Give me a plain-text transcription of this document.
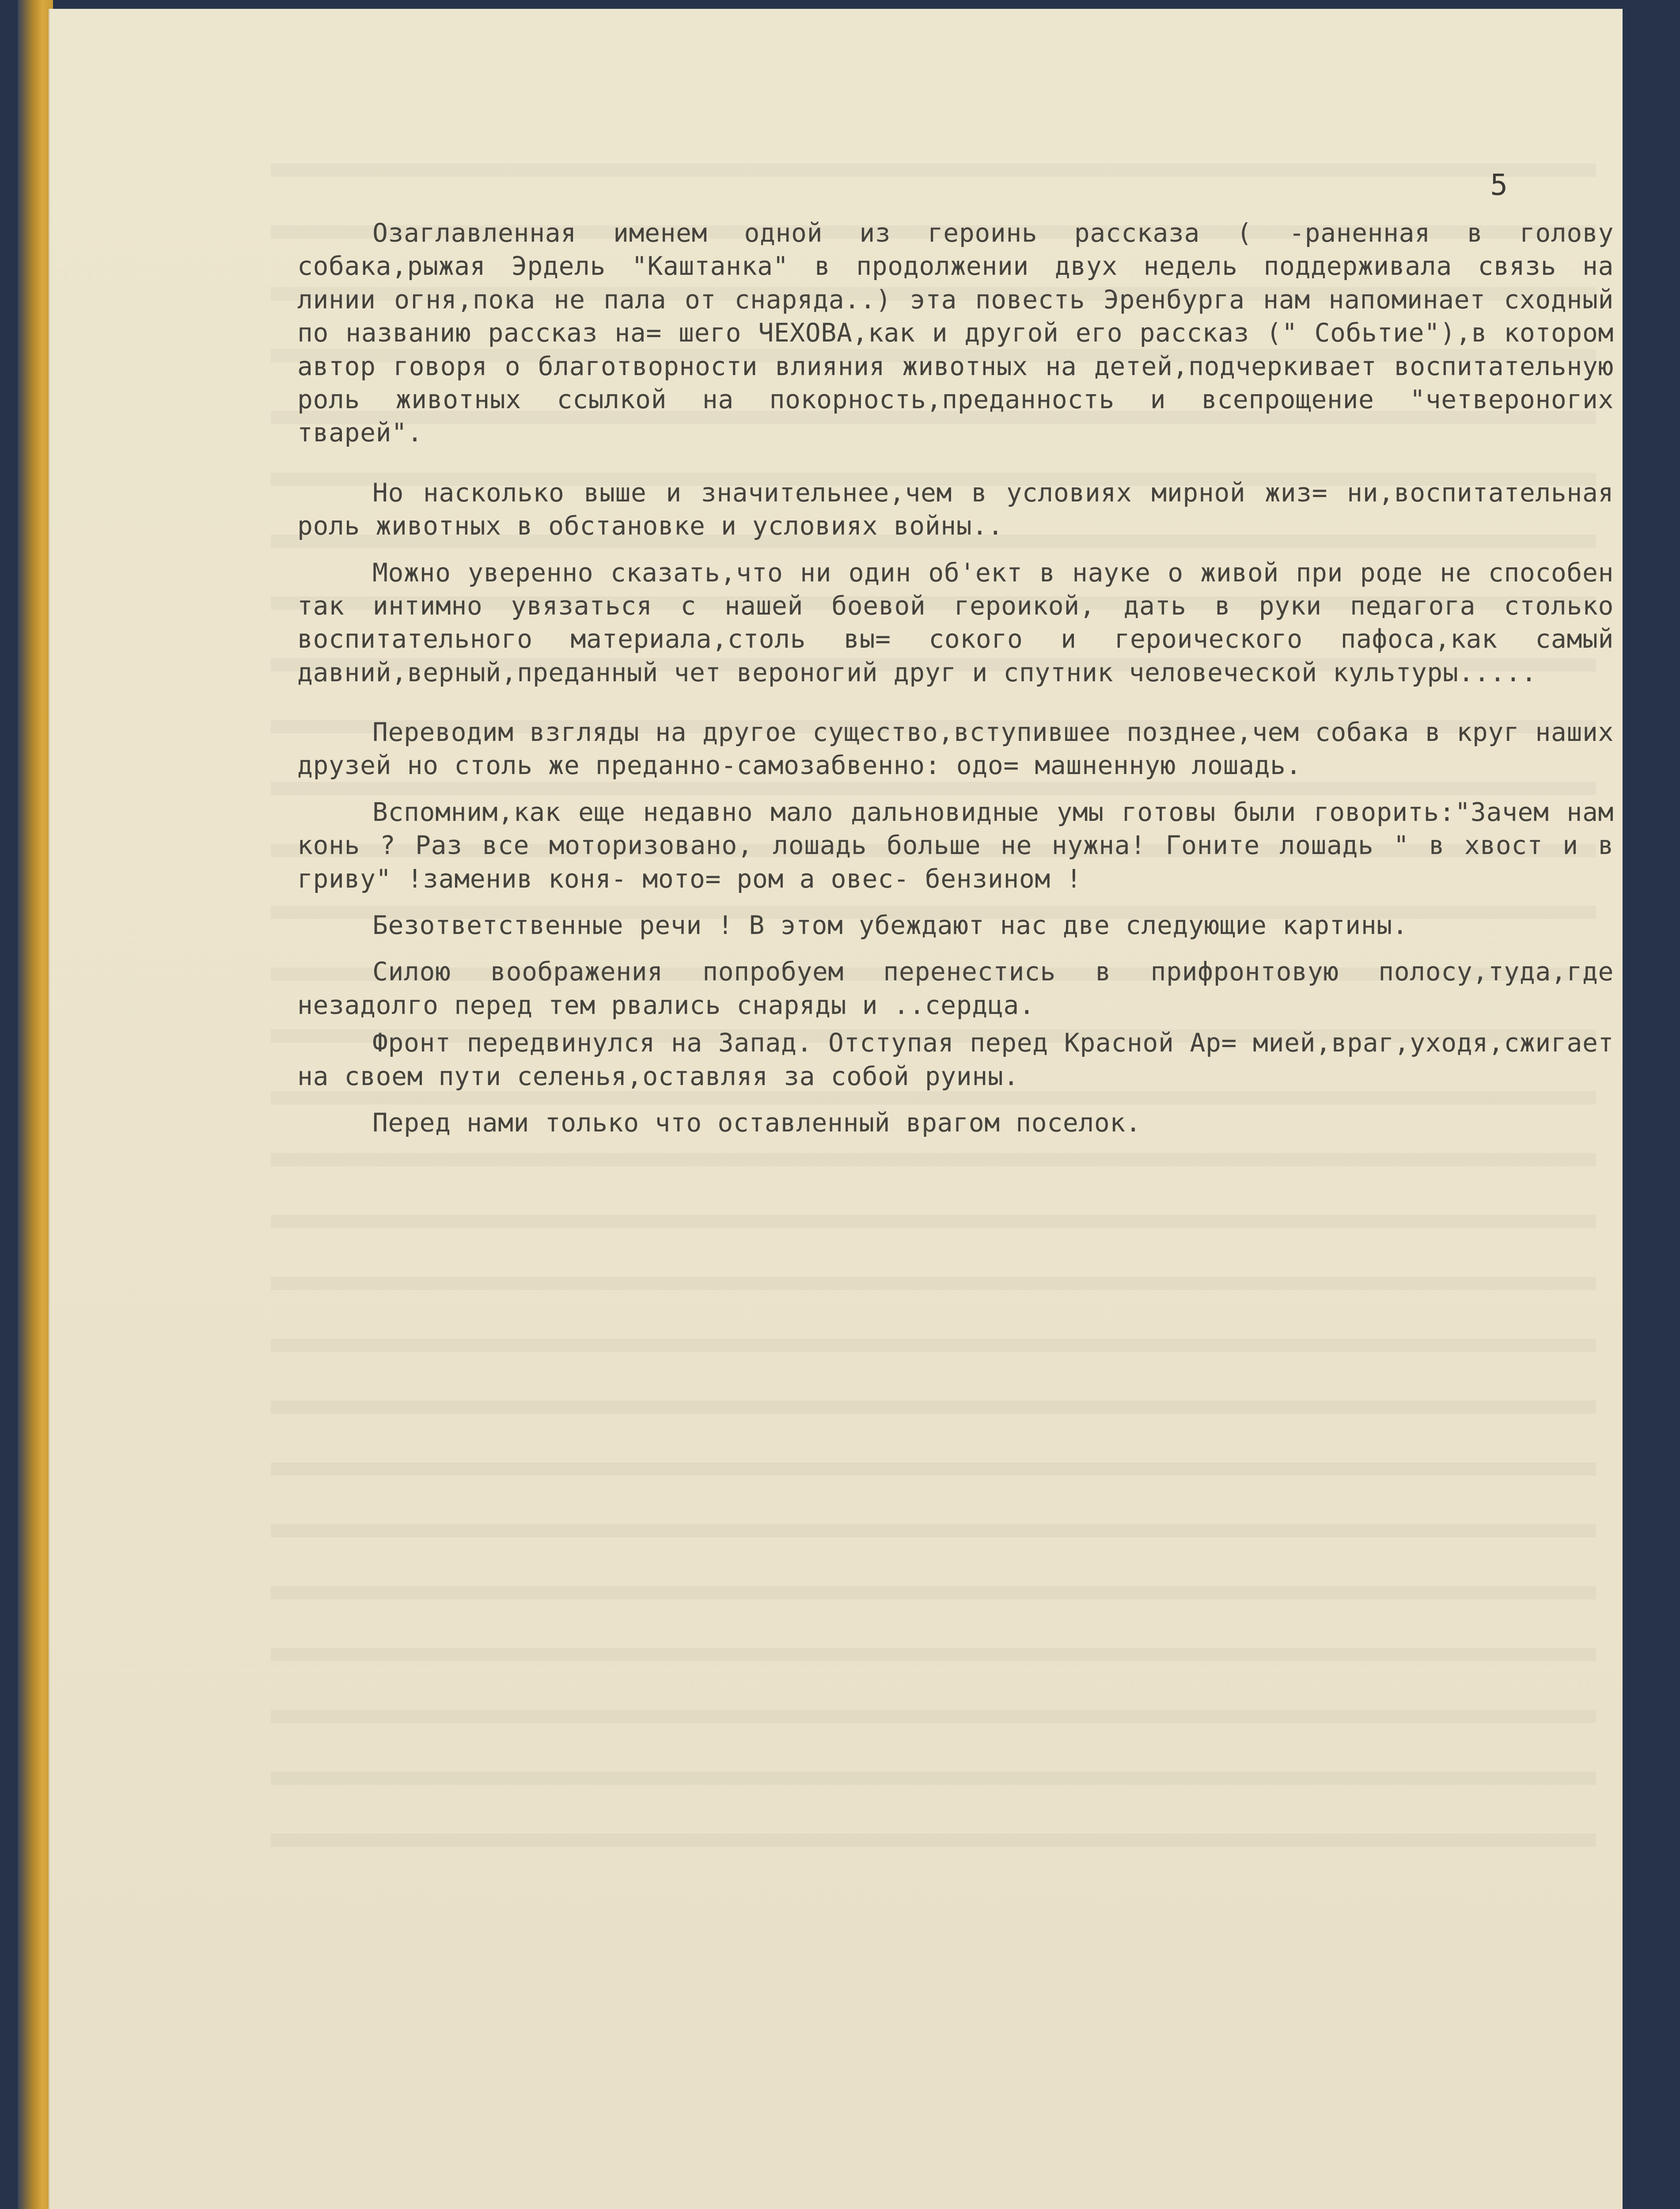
5

Озаглавленная именем одной из героинь рассказа ( -раненная в голову собака,рыжая Эрдель "Каштанка" в продолжении двух недель поддерживала связь на линии огня,пока не пала от снаряда..) эта повесть Эренбурга нам напоминает сходный по названию рассказ на= шего ЧЕХОВА,как и другой его рассказ (" Собьтие"),в котором автор говоря о благотворности влияния животных на детей,подчеркивает воспитательную роль животных ссылкой на покорность,преданность и всепрощение "четвероногих тварей".

Но насколько выше и значительнее,чем в условиях мирной жиз= ни,воспитательная роль животных в обстановке и условиях войны..

Можно уверенно сказать,что ни один об'ект в науке о живой при роде не способен так интимно увязаться с нашей боевой героикой, дать в руки педагога столько воспитательного материала,столь вы= сокого и героического пафоса,как самый давний,верный,преданный чет вероногий друг и спутник человеческой культуры.....

Переводим взгляды на другое существо,вступившее позднее,чем собака в круг наших друзей но столь же преданно-самозабвенно: одо= машненную лошадь.

Вспомним,как еще недавно мало дальновидные умы готовы были говорить:"Зачем нам конь ? Раз все моторизовано, лошадь больше не нужна! Гоните лошадь " в хвост и в гриву" !заменив коня- мото= ром а овес- бензином !

Безответственные речи ! В этом убеждают нас две следующие картины.

Силою воображения попробуем перенестись в прифронтовую полосу,туда,где незадолго перед тем рвались снаряды и ..сердца.

Фронт передвинулся на Запад. Отступая перед Красной Ар= мией,враг,уходя,сжигает на своем пути селенья,оставляя за собой руины.

Перед нами только что оставленный врагом поселок.
